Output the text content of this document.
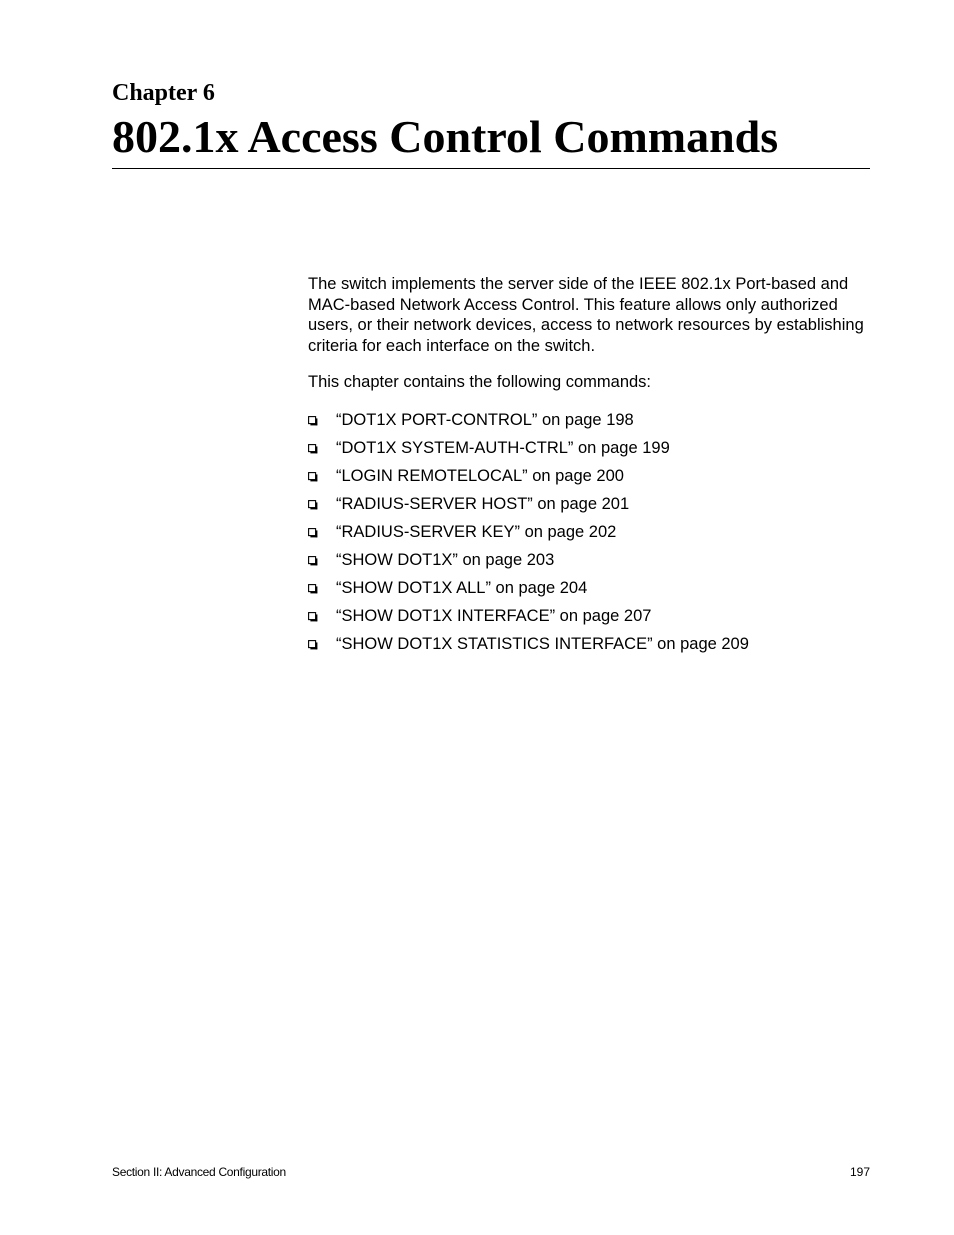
Chapter 6
802.1x Access Control Commands

The switch implements the server side of the IEEE 802.1x Port-based and MAC-based Network Access Control. This feature allows only authorized users, or their network devices, access to network resources by establishing criteria for each interface on the switch.

This chapter contains the following commands:

“DOT1X PORT-CONTROL” on page 198
“DOT1X SYSTEM-AUTH-CTRL” on page 199
“LOGIN REMOTELOCAL” on page 200
“RADIUS-SERVER HOST” on page 201
“RADIUS-SERVER KEY” on page 202
“SHOW DOT1X” on page 203
“SHOW DOT1X ALL” on page 204
“SHOW DOT1X INTERFACE” on page 207
“SHOW DOT1X STATISTICS INTERFACE” on page 209
Section II: Advanced Configuration	197
